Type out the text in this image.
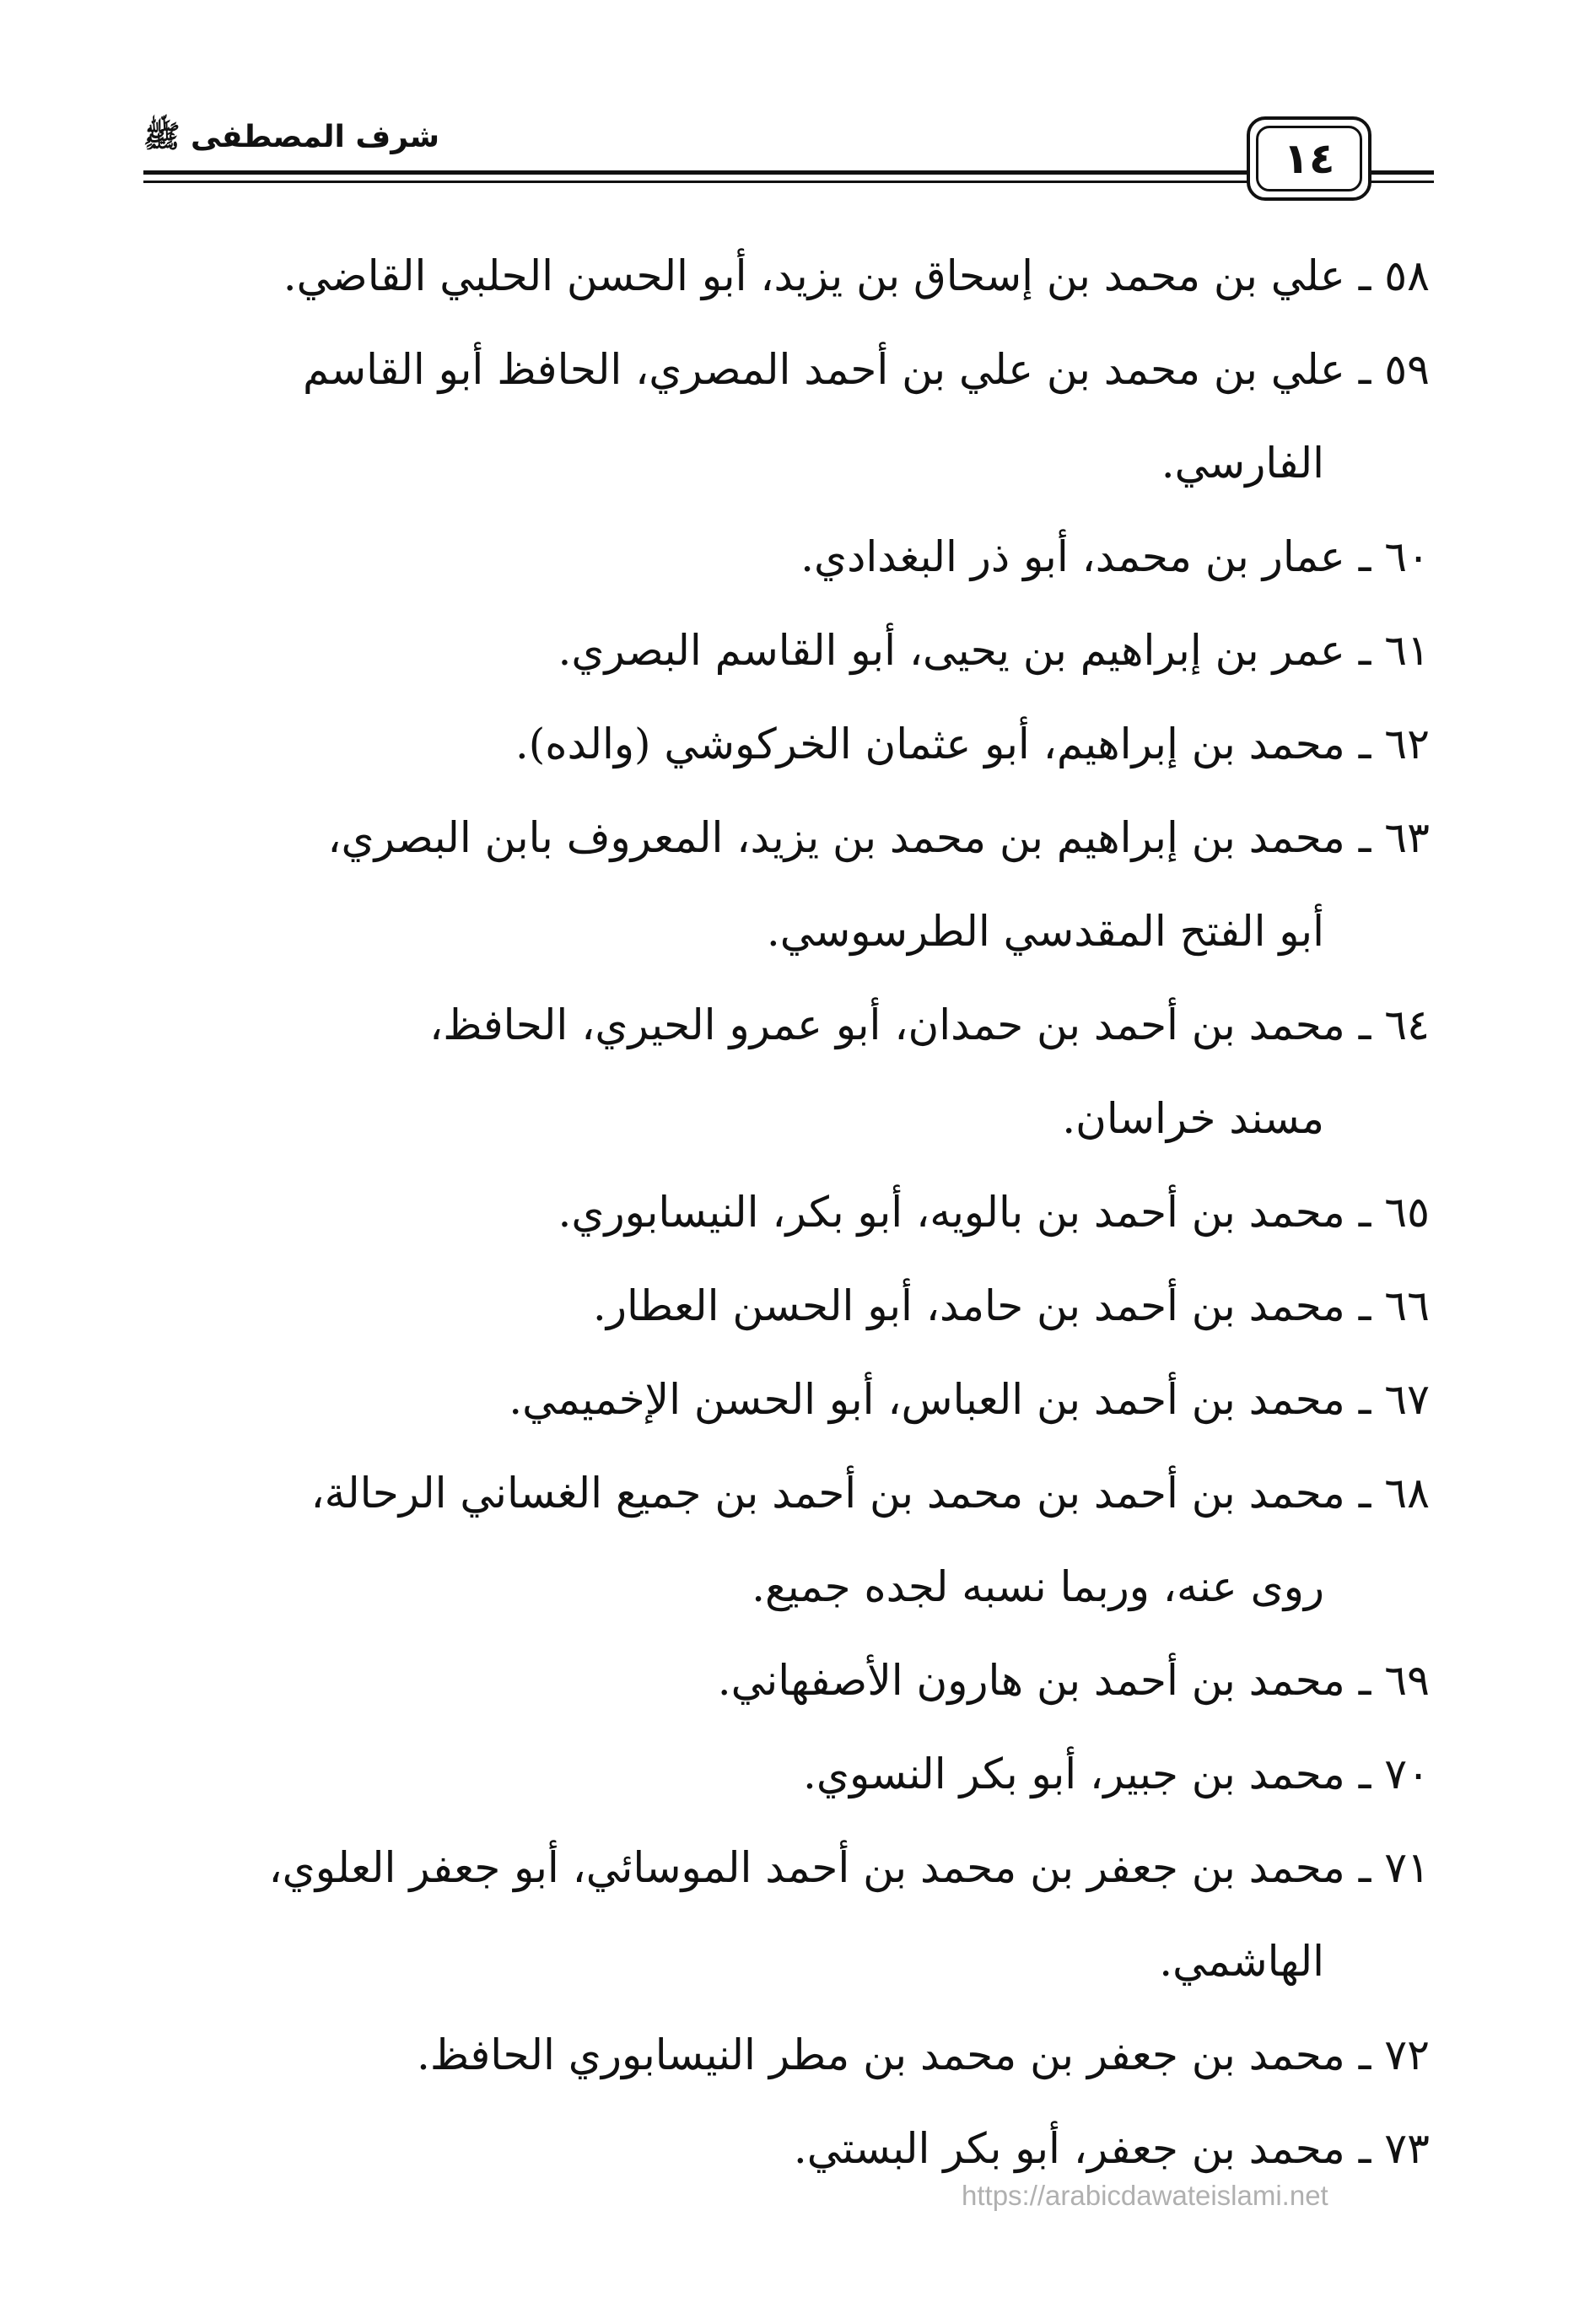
شرف المصطفى ﷺ	١٤

٥٨ ـ علي بن محمد بن إسحاق بن يزيد، أبو الحسن الحلبي القاضي.

٥٩ ـ علي بن محمد بن علي بن أحمد المصري، الحافظ أبو القاسم
الفارسي.

٦٠ ـ عمار بن محمد، أبو ذر البغدادي.

٦١ ـ عمر بن إبراهيم بن يحيى، أبو القاسم البصري.

٦٢ ـ محمد بن إبراهيم، أبو عثمان الخركوشي (والده).

٦٣ ـ محمد بن إبراهيم بن محمد بن يزيد، المعروف بابن البصري،
أبو الفتح المقدسي الطرسوسي.

٦٤ ـ محمد بن أحمد بن حمدان، أبو عمرو الحيري، الحافظ،
مسند خراسان.

٦٥ ـ محمد بن أحمد بن بالويه، أبو بكر، النيسابوري.

٦٦ ـ محمد بن أحمد بن حامد، أبو الحسن العطار.

٦٧ ـ محمد بن أحمد بن العباس، أبو الحسن الإخميمي.

٦٨ ـ محمد بن أحمد بن محمد بن أحمد بن جميع الغساني الرحالة،
روى عنه، وربما نسبه لجده جميع.

٦٩ ـ محمد بن أحمد بن هارون الأصفهاني.

٧٠ ـ محمد بن جبير، أبو بكر النسوي.

٧١ ـ محمد بن جعفر بن محمد بن أحمد الموسائي، أبو جعفر العلوي،
الهاشمي.

٧٢ ـ محمد بن جعفر بن محمد بن مطر النيسابوري الحافظ.

٧٣ ـ محمد بن جعفر، أبو بكر البستي.

https://arabicdawateislami.net
